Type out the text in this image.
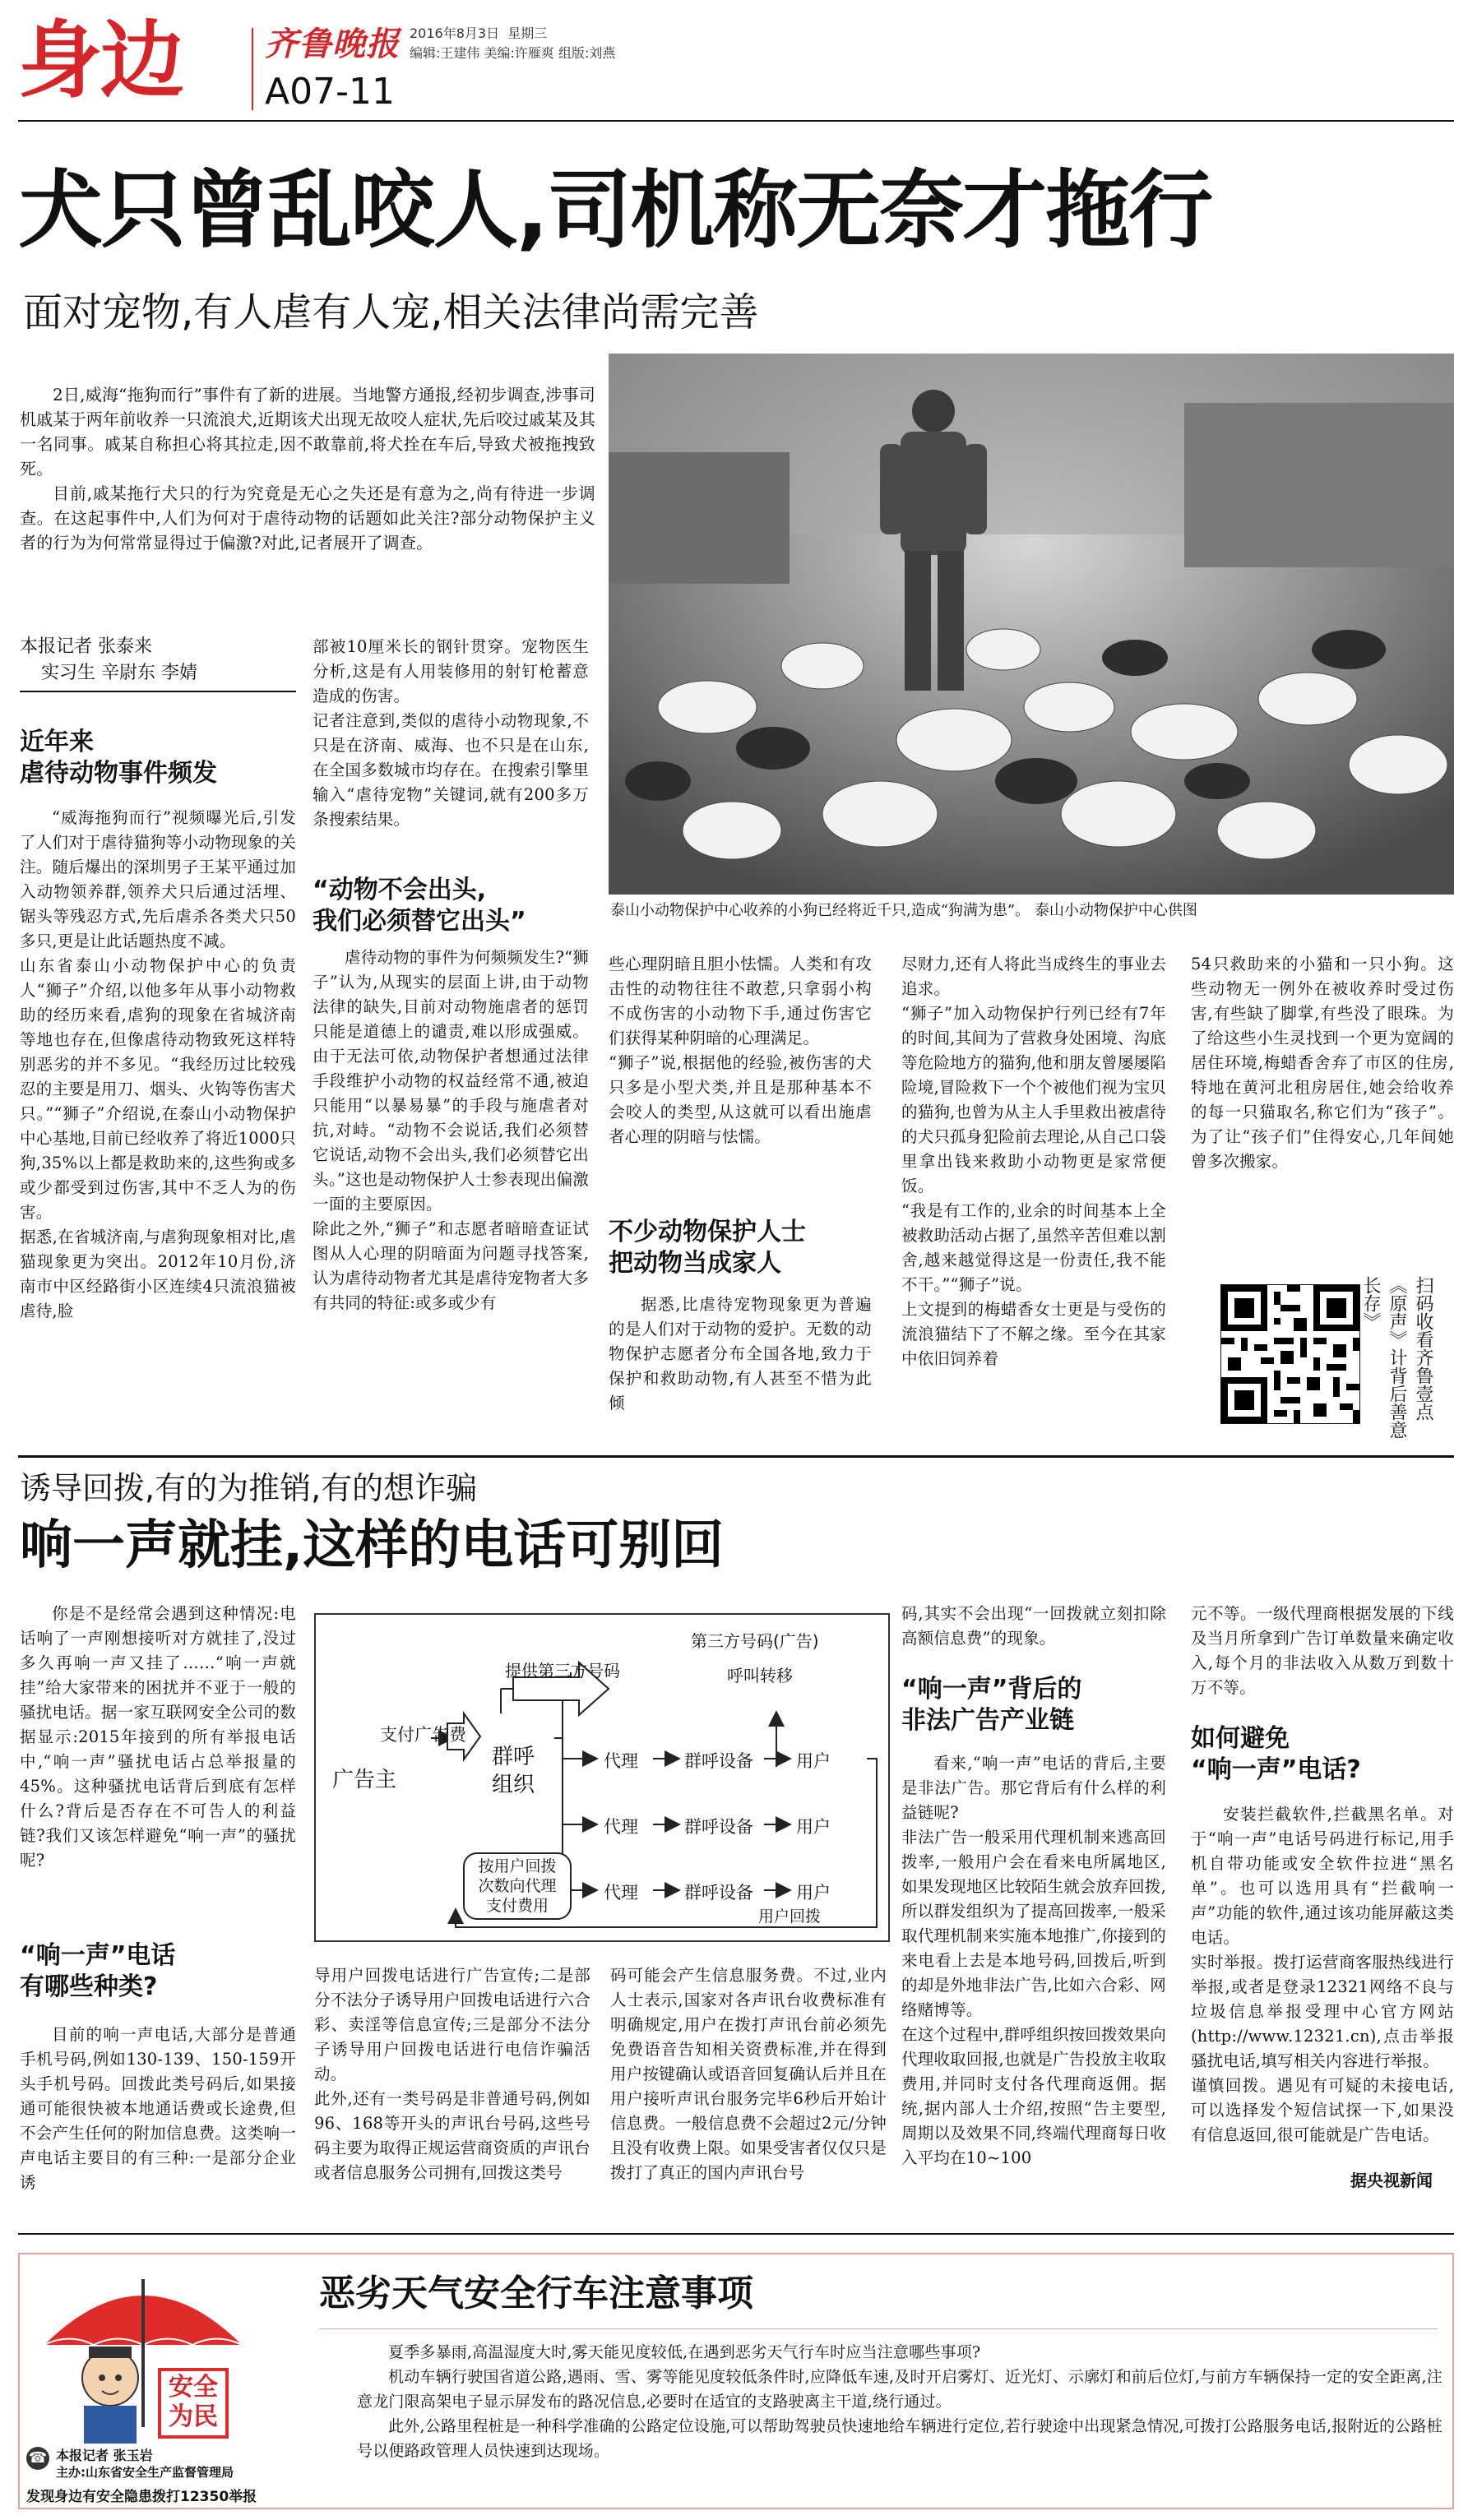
身边	齐鲁晚报
A07-11
2016年8月3日 星期三
编辑:王建伟 美编:许雁爽 组版:刘燕
犬只曾乱咬人,司机称无奈才拖行
面对宠物,有人虐有人宠,相关法律尚需完善

2日,威海“拖狗而行”事件有了新的进展。当地警方通报,经初步调查,涉事司机戚某于两年前收养一只流浪犬,近期该犬出现无故咬人症状,先后咬过戚某及其一名同事。戚某自称担心将其拉走,因不敢靠前,将犬拴在车后,导致犬被拖拽致死。

目前,戚某拖行犬只的行为究竟是无心之失还是有意为之,尚有待进一步调查。在这起事件中,人们为何对于虐待动物的话题如此关注?部分动物保护主义者的行为为何常常显得过于偏激?对此,记者展开了调查。

泰山小动物保护中心收养的小狗已经将近千只,造成“狗满为患”。 泰山小动物保护中心供图
本报记者 张泰来
实习生 辛尉东 李婧
近年来
虐待动物事件频发
“威海拖狗而行”视频曝光后,引发了人们对于虐待猫狗等小动物现象的关注。随后爆出的深圳男子王某平通过加入动物领养群,领养犬只后通过活埋、锯头等残忍方式,先后虐杀各类犬只50多只,更是让此话题热度不减。
山东省泰山小动物保护中心的负责人“狮子”介绍,以他多年从事小动物救助的经历来看,虐狗的现象在省城济南等地也存在,但像虐待动物致死这样特别恶劣的并不多见。“我经历过比较残忍的主要是用刀、烟头、火钩等伤害犬只。”“狮子”介绍说,在泰山小动物保护中心基地,目前已经收养了将近1000只狗,35%以上都是救助来的,这些狗或多或少都受到过伤害,其中不乏人为的伤害。
据悉,在省城济南,与虐狗现象相对比,虐猫现象更为突出。2012年10月份,济南市中区经路街小区连续4只流浪猫被虐待,脸
部被10厘米长的钢针贯穿。宠物医生分析,这是有人用装修用的射钉枪蓄意造成的伤害。
记者注意到,类似的虐待小动物现象,不只是在济南、威海、也不只是在山东,在全国多数城市均存在。在搜索引擎里输入“虐待宠物”关键词,就有200多万条搜索结果。
“动物不会出头,
我们必须替它出头”
虐待动物的事件为何频频发生?“狮子”认为,从现实的层面上讲,由于动物法律的缺失,目前对动物施虐者的惩罚只能是道德上的谴责,难以形成强威。由于无法可依,动物保护者想通过法律手段维护小动物的权益经常不通,被迫只能用“以暴易暴”的手段与施虐者对抗,对峙。“动物不会说话,我们必须替它说话,动物不会出头,我们必须替它出头。”这也是动物保护人士参表现出偏激一面的主要原因。
除此之外,“狮子”和志愿者暗暗查证试图从人心理的阴暗面为问题寻找答案,认为虐待动物者尤其是虐待宠物者大多有共同的特征:或多或少有
些心理阴暗且胆小怯懦。人类和有攻击性的动物往往不敢惹,只拿弱小构不成伤害的小动物下手,通过伤害它们获得某种阴暗的心理满足。
“狮子”说,根据他的经验,被伤害的犬只多是小型犬类,并且是那种基本不会咬人的类型,从这就可以看出施虐者心理的阴暗与怯懦。
不少动物保护人士
把动物当成家人
据悉,比虐待宠物现象更为普遍的是人们对于动物的爱护。无数的动物保护志愿者分布全国各地,致力于保护和救助动物,有人甚至不惜为此倾
尽财力,还有人将此当成终生的事业去追求。
“狮子”加入动物保护行列已经有7年的时间,其间为了营救身处困境、沟底等危险地方的猫狗,他和朋友曾屡屡陷险境,冒险救下一个个被他们视为宝贝的猫狗,也曾为从主人手里救出被虐待的犬只孤身犯险前去理论,从自己口袋里拿出钱来救助小动物更是家常便饭。
“我是有工作的,业余的时间基本上全被救助活动占据了,虽然辛苦但难以割舍,越来越觉得这是一份责任,我不能不干。”“狮子”说。
上文提到的梅蜡香女士更是与受伤的流浪猫结下了不解之缘。至今在其家中依旧饲养着
54只救助来的小猫和一只小狗。这些动物无一例外在被收养时受过伤害,有些缺了脚掌,有些没了眼珠。为了给这些小生灵找到一个更为宽阔的居住环境,梅蜡香舍弃了市区的住房,特地在黄河北租房居住,她会给收养的每一只猫取名,称它们为“孩子”。为了让“孩子们”住得安心,几年间她曾多次搬家。
扫码收看齐鲁壹点《原声》计背后善意长存》
诱导回拨,有的为推销,有的想诈骗
响一声就挂,这样的电话可别回
你是不是经常会遇到这种情况:电话响了一声刚想接听对方就挂了,没过多久再响一声又挂了……“响一声就挂”给大家带来的困扰并不亚于一般的骚扰电话。据一家互联网安全公司的数据显示:2015年接到的所有举报电话中,“响一声”骚扰电话占总举报量的45%。这种骚扰电话背后到底有怎样什么?背后是否存在不可告人的利益链?我们又该怎样避免“响一声”的骚扰呢?
“响一声”电话
有哪些种类?
目前的响一声电话,大部分是普通手机号码,例如130-139、150-159开头手机号码。回拨此类号码后,如果接通可能很快被本地通话费或长途费,但不会产生任何的附加信息费。这类响一声电话主要目的有三种:一是部分企业诱
广告主
支付广告费
群呼
组织
提供第三方号码
第三方号码(广告)
呼叫转移
代理
代理
代理
群呼设备
群呼设备
群呼设备
用户
用户
用户
按用户回拨
次数向代理
支付费用
用户回拨
导用户回拨电话进行广告宣传;二是部分不法分子诱导用户回拨电话进行六合彩、卖淫等信息宣传;三是部分不法分子诱导用户回拨电话进行电信诈骗活动。
此外,还有一类号码是非普通号码,例如96、168等开头的声讯台号码,这些号码主要为取得正规运营商资质的声讯台或者信息服务公司拥有,回拨这类号
码可能会产生信息服务费。不过,业内人士表示,国家对各声讯台收费标准有明确规定,用户在拨打声讯台前必须先免费语音告知相关资费标准,并在得到用户按键确认或语音回复确认后并且在用户接听声讯台服务完毕6秒后开始计信息费。一般信息费不会超过2元/分钟且没有收费上限。如果受害者仅仅只是拨打了真正的国内声讯台号
码,其实不会出现“一回拨就立刻扣除高额信息费”的现象。
“响一声”背后的
非法广告产业链
看来,“响一声”电话的背后,主要是非法广告。那它背后有什么样的利益链呢?
非法广告一般采用代理机制来逃高回拨率,一般用户会在看来电所属地区,如果发现地区比较陌生就会放弃回拨,所以群发组织为了提高回拨率,一般采取代理机制来实施本地推广,你接到的来电看上去是本地号码,回拨后,听到的却是外地非法广告,比如六合彩、网络赌博等。
在这个过程中,群呼组织按回拨效果向代理收取回报,也就是广告投放主收取费用,并同时支付各代理商返佣。据统,据内部人士介绍,按照“告主要型,周期以及效果不同,终端代理商每日收入平均在10~100
元不等。一级代理商根据发展的下线及当月所拿到广告订单数量来确定收入,每个月的非法收入从数万到数十万不等。
如何避免
“响一声”电话?
安装拦截软件,拦截黑名单。对于“响一声”电话号码进行标记,用手机自带功能或安全软件拉进“黑名单”。也可以选用具有“拦截响一声”功能的软件,通过该功能屏蔽这类电话。
实时举报。拨打运营商客服热线进行举报,或者是登录12321网络不良与垃圾信息举报受理中心官方网站(http://www.12321.cn),点击举报骚扰电话,填写相关内容进行举报。
谨慎回拨。遇见有可疑的未接电话,可以选择发个短信试探一下,如果没有信息返回,很可能就是广告电话。
据央视新闻
安全
为民
☎ 本报记者 张玉岩
主办:山东省安全生产监督管理局
发现身边有安全隐患拨打12350举报
恶劣天气安全行车注意事项

夏季多暴雨,高温湿度大时,雾天能见度较低,在遇到恶劣天气行车时应当注意哪些事项?

机动车辆行驶国省道公路,遇雨、雪、雾等能见度较低条件时,应降低车速,及时开启雾灯、近光灯、示廓灯和前后位灯,与前方车辆保持一定的安全距离,注意龙门限高架电子显示屏发布的路况信息,必要时在适宜的支路驶离主干道,绕行通过。

此外,公路里程桩是一种科学准确的公路定位设施,可以帮助驾驶员快速地给车辆进行定位,若行驶途中出现紧急情况,可拨打公路服务电话,报附近的公路桩号以便路政管理人员快速到达现场。
